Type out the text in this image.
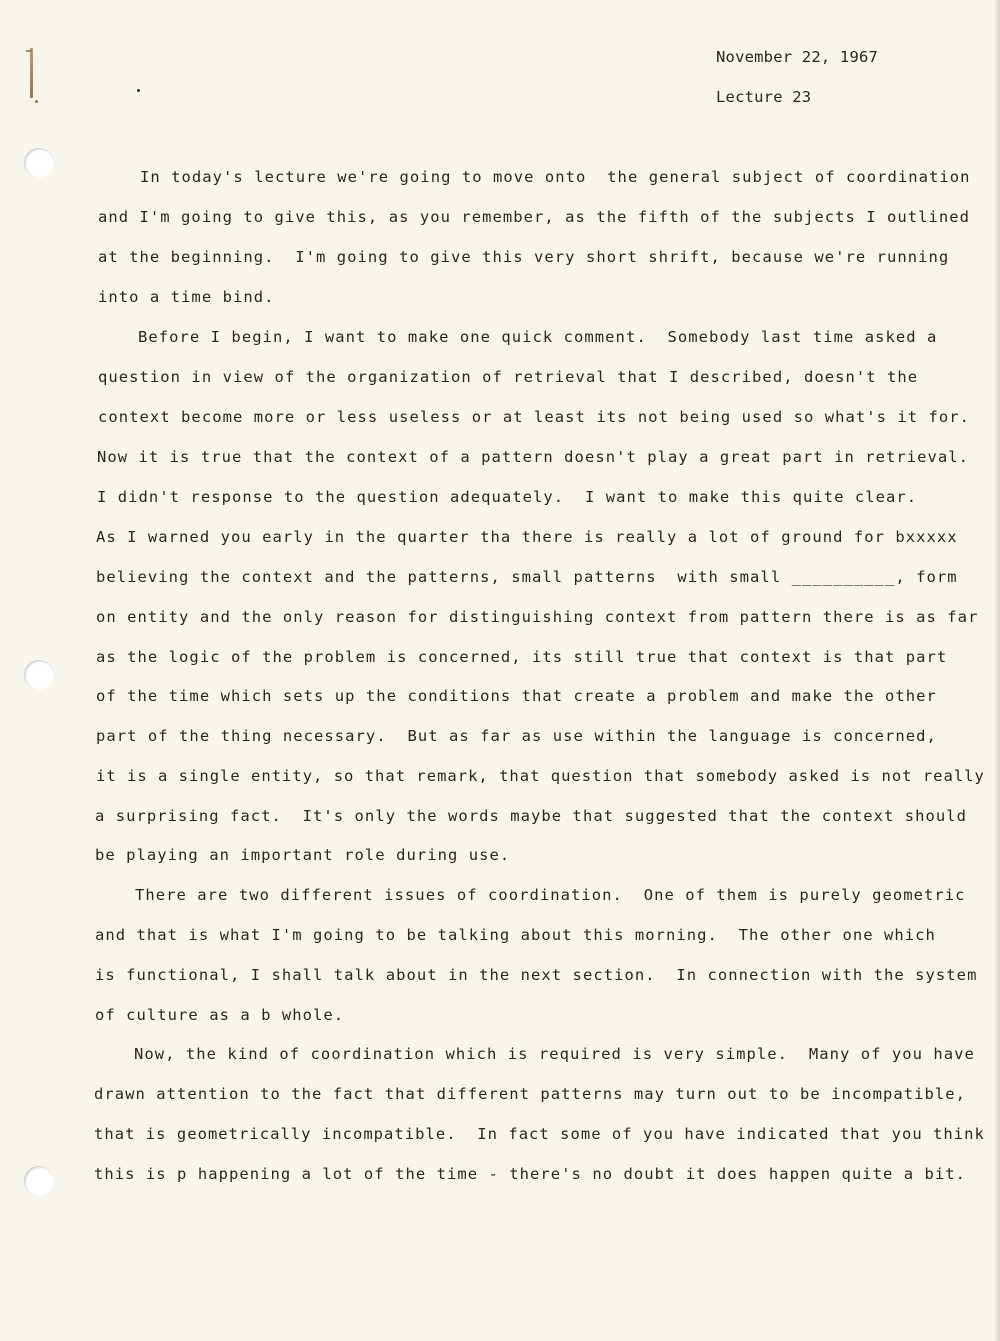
November 22, 1967
Lecture 23
In today's lecture we're going to move onto  the general subject of coordination
and I'm going to give this, as you remember, as the fifth of the subjects I outlined
at the beginning.  I'm going to give this very short shrift, because we're running
into a time bind.
Before I begin, I want to make one quick comment.  Somebody last time asked a
question in view of the organization of retrieval that I described, doesn't the
context become more or less useless or at least its not being used so what's it for.
Now it is true that the context of a pattern doesn't play a great part in retrieval.
I didn't response to the question adequately.  I want to make this quite clear.
As I warned you early in the quarter tha there is really a lot of ground for bxxxxx
believing the context and the patterns, small patterns  with small __________, form
on entity and the only reason for distinguishing context from pattern there is as far
as the logic of the problem is concerned, its still true that context is that part
of the time which sets up the conditions that create a problem and make the other
part of the thing necessary.  But as far as use within the language is concerned,
it is a single entity, so that remark, that question that somebody asked is not really
a surprising fact.  It's only the words maybe that suggested that the context should
be playing an important role during use.
There are two different issues of coordination.  One of them is purely geometric
and that is what I'm going to be talking about this morning.  The other one which
is functional, I shall talk about in the next section.  In connection with the system
of culture as a b whole.
Now, the kind of coordination which is required is very simple.  Many of you have
drawn attention to the fact that different patterns may turn out to be incompatible,
that is geometrically incompatible.  In fact some of you have indicated that you think
this is p happening a lot of the time - there's no doubt it does happen quite a bit.
